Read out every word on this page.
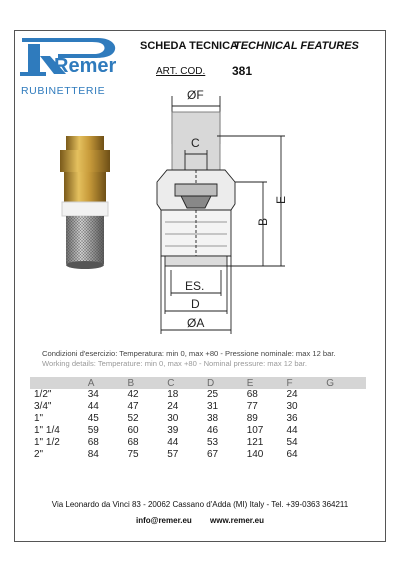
Remer
RUBINETTERIE
SCHEDA TECNICA
TECHNICAL FEATURES
ART. COD. 381
ØF
C
E
B
ES.
D
ØA
Condizioni d'esercizio: Temperatura: min 0, max +80 - Pressione nominale: max 12 bar.
Working details: Temperature: min 0, max +80 - Nominal pressure: max 12 bar.
	A	B	C	D	E	F	G
1/2"	34	42	18	25	68	24	
3/4"	44	47	24	31	77	30	
1"	45	52	30	38	89	36	
1" 1/4	59	60	39	46	107	44	
1" 1/2	68	68	44	53	121	54	
2"	84	75	57	67	140	64	
Via Leonardo da Vinci 83 - 20062 Cassano d'Adda (MI) Italy - Tel. +39-0363 364211
info@remer.eu www.remer.eu
